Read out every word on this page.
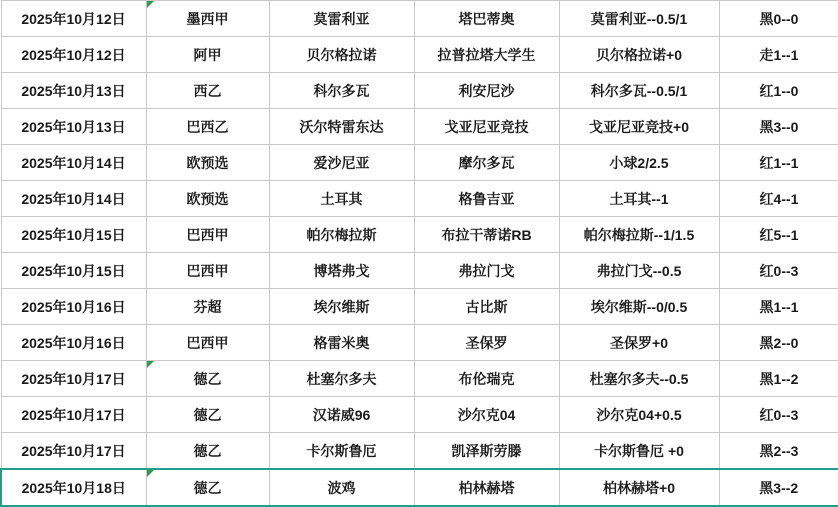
2025年10月12日	墨西甲	莫雷利亚	塔巴蒂奥	莫雷利亚--0.5/1	黑0--0
2025年10月12日	阿甲	贝尔格拉诺	拉普拉塔大学生	贝尔格拉诺+0	走1--1
2025年10月13日	西乙	科尔多瓦	利安尼沙	科尔多瓦--0.5/1	红1--0
2025年10月13日	巴西乙	沃尔特雷东达	戈亚尼亚竞技	戈亚尼亚竞技+0	黑3--0
2025年10月14日	欧预选	爱沙尼亚	摩尔多瓦	小球2/2.5	红1--1
2025年10月14日	欧预选	土耳其	格鲁吉亚	土耳其--1	红4--1
2025年10月15日	巴西甲	帕尔梅拉斯	布拉干蒂诺RB	帕尔梅拉斯--1/1.5	红5--1
2025年10月15日	巴西甲	博塔弗戈	弗拉门戈	弗拉门戈--0.5	红0--3
2025年10月16日	芬超	埃尔维斯	古比斯	埃尔维斯--0/0.5	黑1--1
2025年10月16日	巴西甲	格雷米奥	圣保罗	圣保罗+0	黑2--0
2025年10月17日	德乙	杜塞尔多夫	布伦瑞克	杜塞尔多夫--0.5	黑1--2
2025年10月17日	德乙	汉诺威96	沙尔克04	沙尔克04+0.5	红0--3
2025年10月17日	德乙	卡尔斯鲁厄	凯泽斯劳滕	卡尔斯鲁厄 +0	黑2--3
2025年10月18日	德乙	波鸡	柏林赫塔	柏林赫塔+0	黑3--2
